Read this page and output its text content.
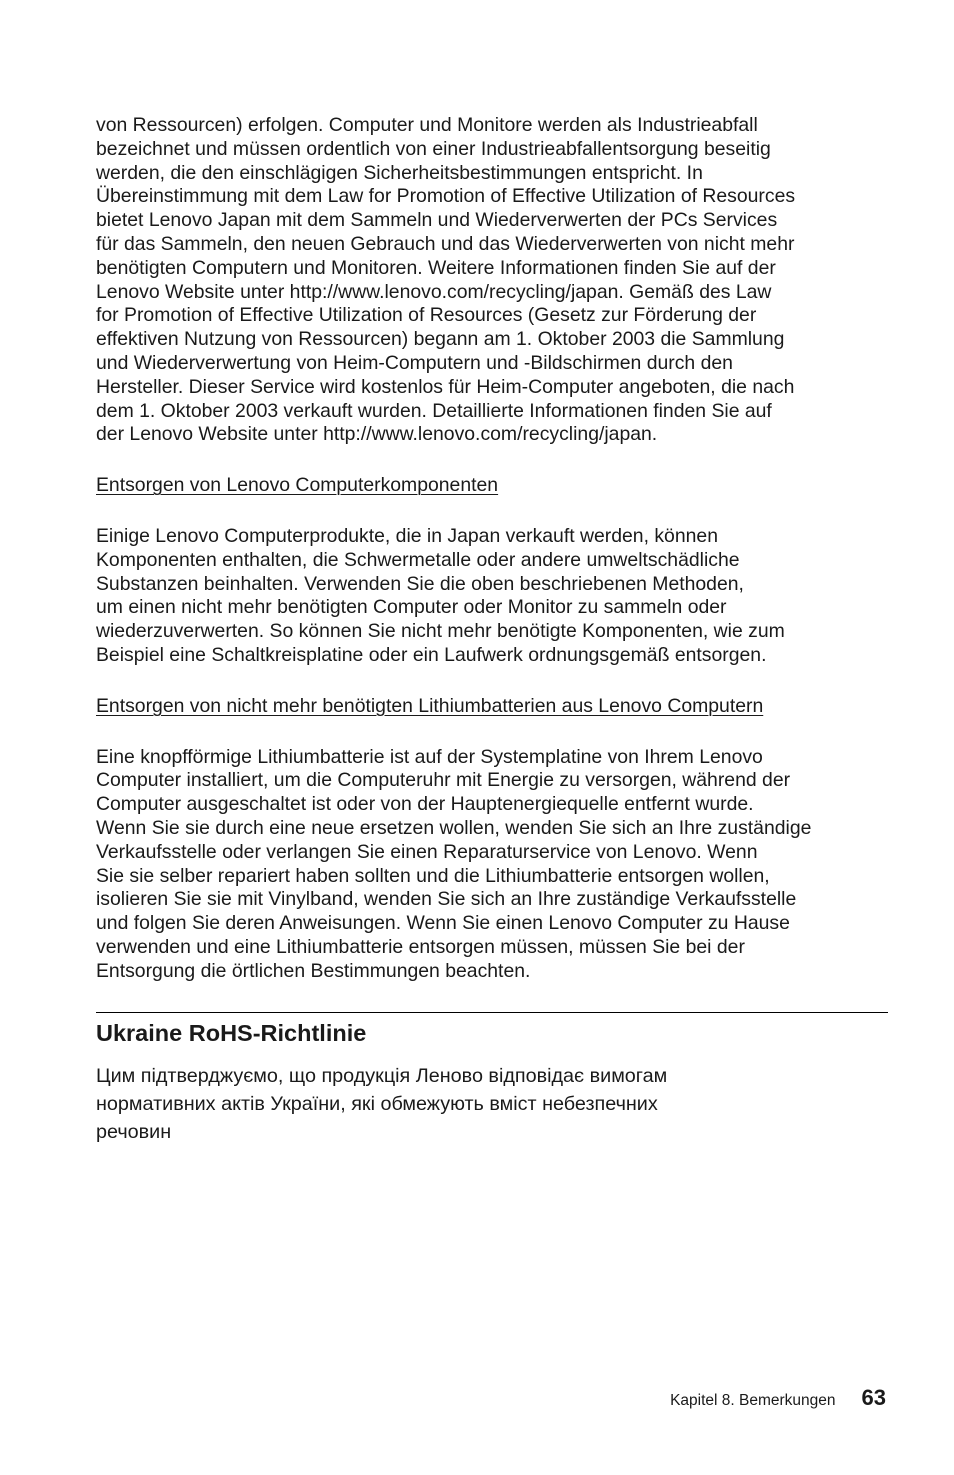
von Ressourcen) erfolgen. Computer und Monitore werden als Industrieabfall
bezeichnet und müssen ordentlich von einer Industrieabfallentsorgung beseitig
werden, die den einschlägigen Sicherheitsbestimmungen entspricht. In
Übereinstimmung mit dem Law for Promotion of Effective Utilization of Resources
bietet Lenovo Japan mit dem Sammeln und Wiederverwerten der PCs Services
für das Sammeln, den neuen Gebrauch und das Wiederverwerten von nicht mehr
benötigten Computern und Monitoren. Weitere Informationen finden Sie auf der
Lenovo Website unter http://www.lenovo.com/recycling/japan. Gemäß des Law
for Promotion of Effective Utilization of Resources (Gesetz zur Förderung der
effektiven Nutzung von Ressourcen) begann am 1. Oktober 2003 die Sammlung
und Wiederverwertung von Heim-Computern und -Bildschirmen durch den
Hersteller. Dieser Service wird kostenlos für Heim-Computer angeboten, die nach
dem 1. Oktober 2003 verkauft wurden. Detaillierte Informationen finden Sie auf
der Lenovo Website unter http://www.lenovo.com/recycling/japan.

Entsorgen von Lenovo Computerkomponenten

Einige Lenovo Computerprodukte, die in Japan verkauft werden, können
Komponenten enthalten, die Schwermetalle oder andere umweltschädliche
Substanzen beinhalten. Verwenden Sie die oben beschriebenen Methoden,
um einen nicht mehr benötigten Computer oder Monitor zu sammeln oder
wiederzuverwerten. So können Sie nicht mehr benötigte Komponenten, wie zum
Beispiel eine Schaltkreisplatine oder ein Laufwerk ordnungsgemäß entsorgen.

Entsorgen von nicht mehr benötigten Lithiumbatterien aus Lenovo Computern

Eine knopfförmige Lithiumbatterie ist auf der Systemplatine von Ihrem Lenovo
Computer installiert, um die Computeruhr mit Energie zu versorgen, während der
Computer ausgeschaltet ist oder von der Hauptenergiequelle entfernt wurde.
Wenn Sie sie durch eine neue ersetzen wollen, wenden Sie sich an Ihre zuständige
Verkaufsstelle oder verlangen Sie einen Reparaturservice von Lenovo. Wenn
Sie sie selber repariert haben sollten und die Lithiumbatterie entsorgen wollen,
isolieren Sie sie mit Vinylband, wenden Sie sich an Ihre zuständige Verkaufsstelle
und folgen Sie deren Anweisungen. Wenn Sie einen Lenovo Computer zu Hause
verwenden und eine Lithiumbatterie entsorgen müssen, müssen Sie bei der
Entsorgung die örtlichen Bestimmungen beachten.

Ukraine RoHS-Richtlinie

Цим підтверджуємо, що продукція Леново відповідає вимогам
нормативних актів України, які обмежують вміст небезпечних
речовин

Kapitel 8. Bemerkungen 63
